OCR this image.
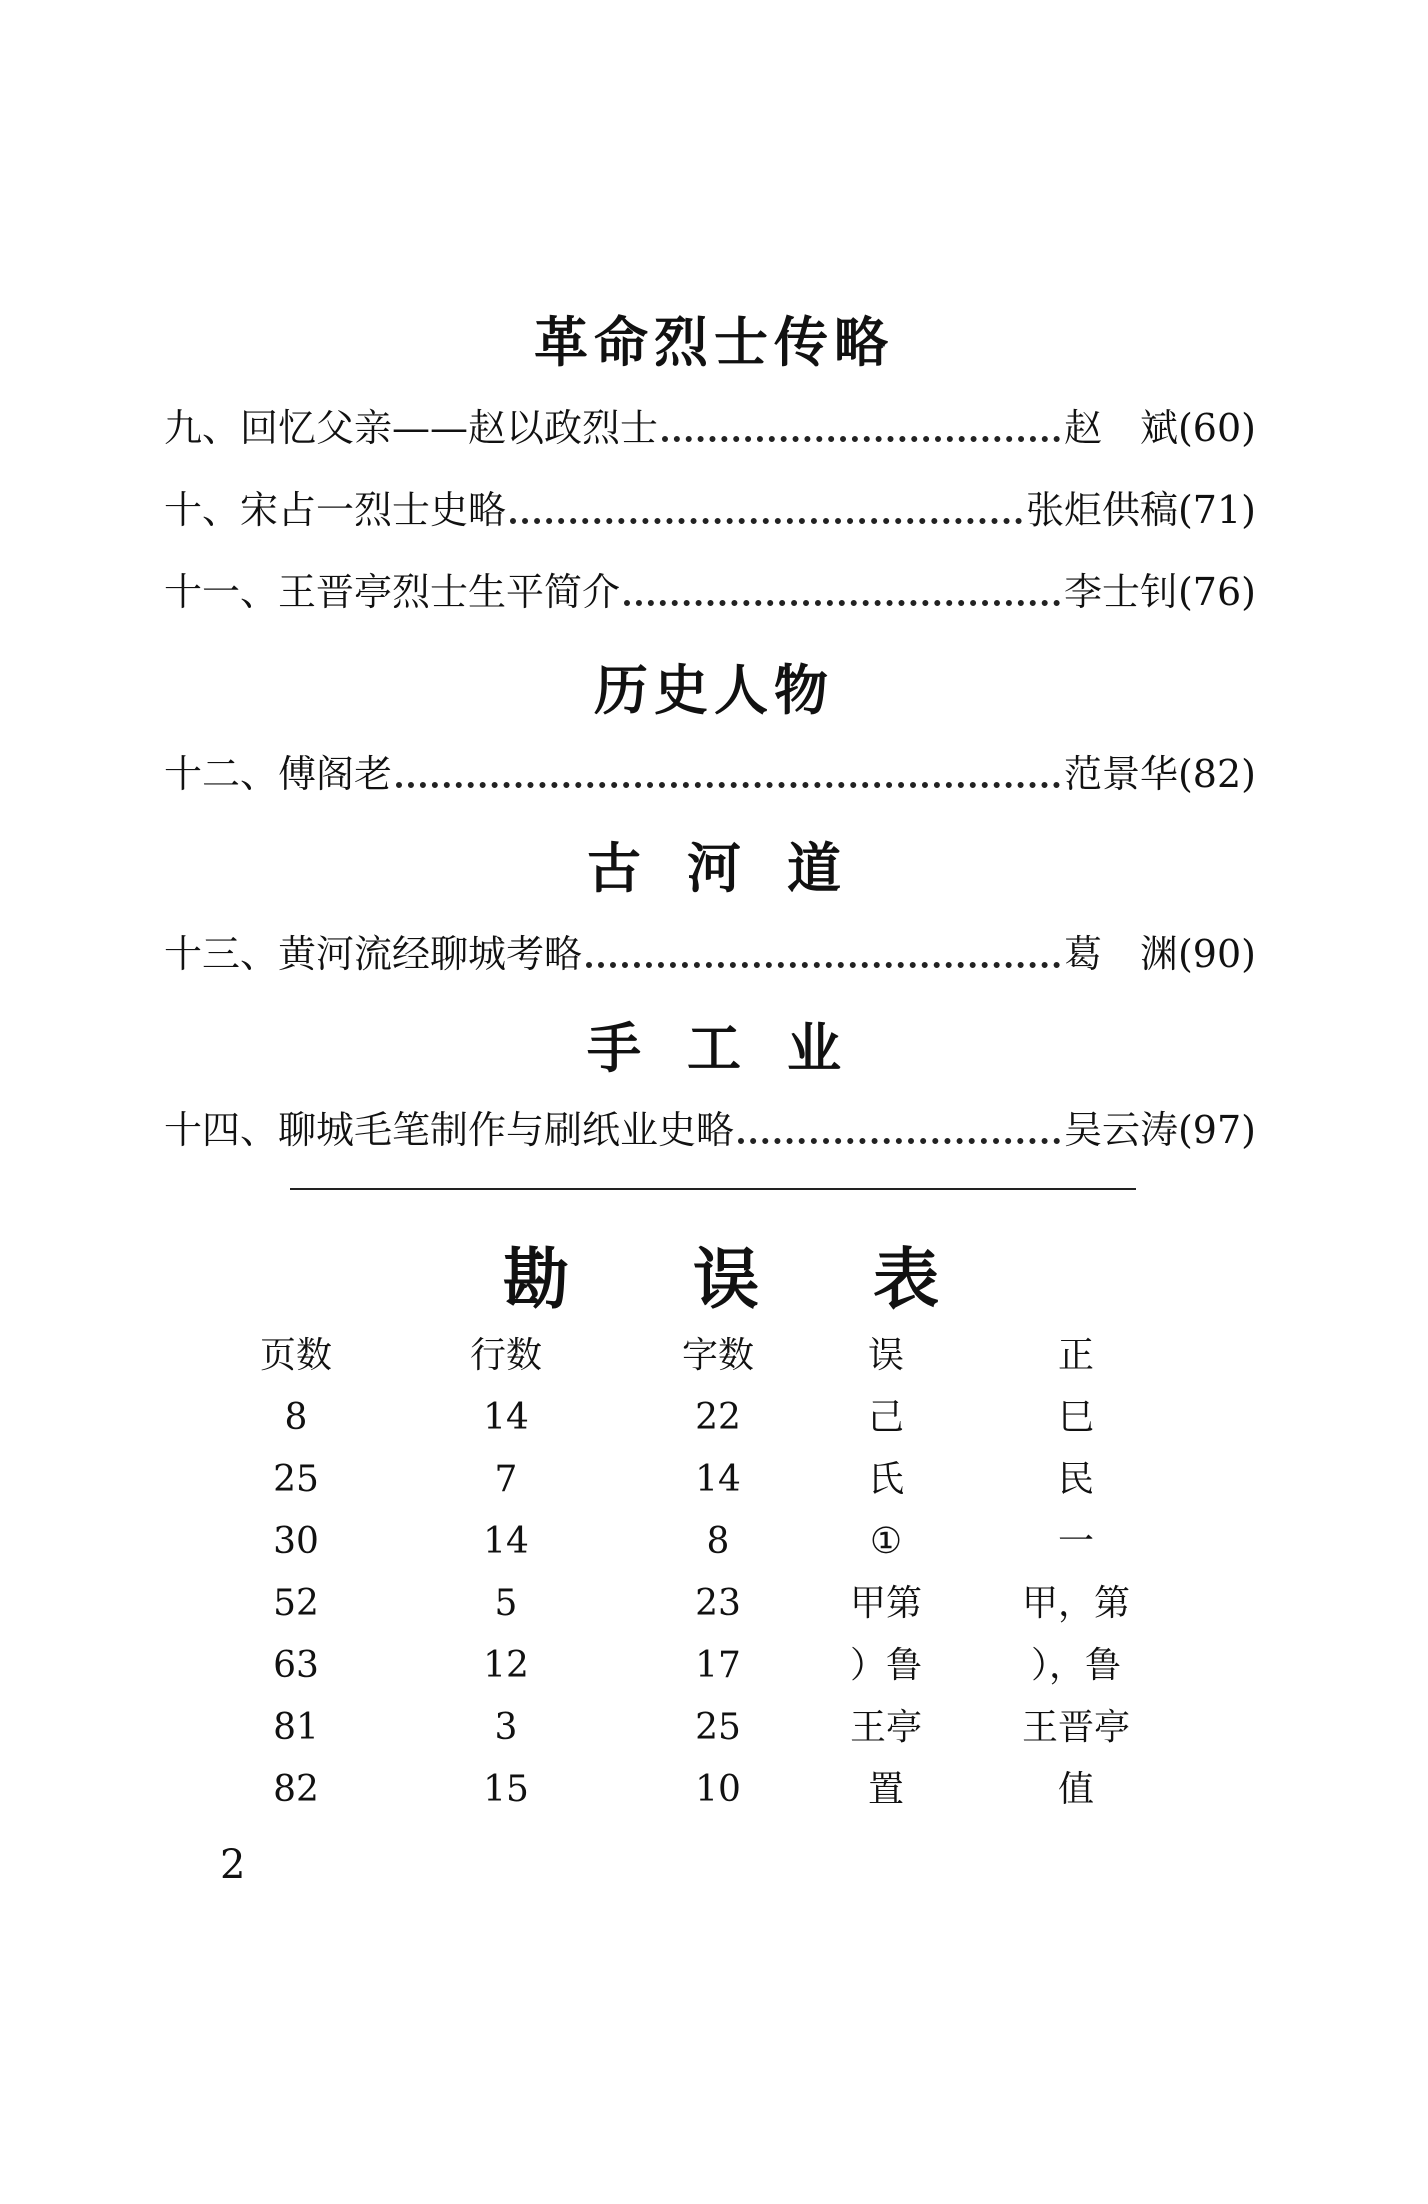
革命烈士传略
九、 回忆父亲——赵以政烈士	赵　斌 (60)
十、 宋占一烈士史略	张炬供稿 (71)
十一、 王晋亭烈士生平简介	李士钊 (76)
历史人物
十二、 傅阁老	范景华 (82)
古河道
十三、 黄河流经聊城考略	葛　渊 (90)
手工业
十四、 聊城毛笔制作与刷纸业史略	吴云涛 (97)
勘 误 表
页数	行数	字数	误	正
8	14	22	己	巳
25	7	14	氏	民
30	14	8	①	一
52	5	23	甲第	甲，第
63	12	17	）鲁	），鲁
81	3	25	王亭	王晋亭
82	15	10	置	值
2
